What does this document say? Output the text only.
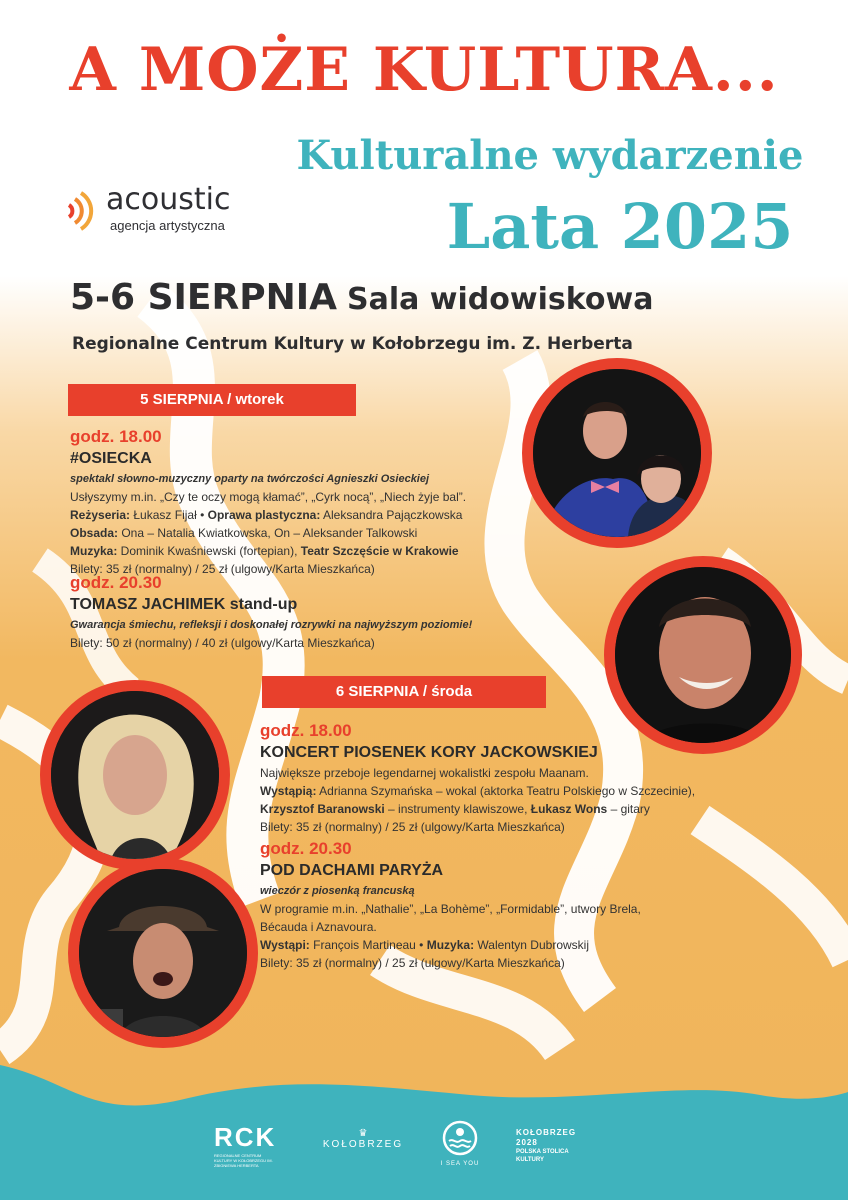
A MOŻE KULTURA...
Kulturalne wydarzenie
Lata 2025
acoustic
agencja artystyczna
5-6 SIERPNIA Sala widowiskowa
Regionalne Centrum Kultury w Kołobrzegu im. Z. Herberta
5 SIERPNIA / wtorek
godz. 18.00
#OSIECKA
spektakl słowno-muzyczny oparty na twórczości Agnieszki Osieckiej
Usłyszymy m.in. „Czy te oczy mogą kłamać”, „Cyrk nocą”, „Niech żyje bal”.
Reżyseria: Łukasz Fijał • Oprawa plastyczna: Aleksandra Pajączkowska
Obsada: Ona – Natalia Kwiatkowska, On – Aleksander Talkowski
Muzyka: Dominik Kwaśniewski (fortepian), Teatr Szczęście w Krakowie
Bilety: 35 zł (normalny) / 25 zł (ulgowy/Karta Mieszkańca)
godz. 20.30
TOMASZ JACHIMEK stand-up
Gwarancja śmiechu, refleksji i doskonałej rozrywki na najwyższym poziomie!
Bilety: 50 zł (normalny) / 40 zł (ulgowy/Karta Mieszkańca)
6 SIERPNIA / środa
godz. 18.00
KONCERT PIOSENEK KORY JACKOWSKIEJ
Największe przeboje legendarnej wokalistki zespołu Maanam.
Wystąpią: Adrianna Szymańska – wokal (aktorka Teatru Polskiego w Szczecinie),
Krzysztof Baranowski – instrumenty klawiszowe, Łukasz Wons – gitary
Bilety: 35 zł (normalny) / 25 zł (ulgowy/Karta Mieszkańca)
godz. 20.30
POD DACHAMI PARYŻA
wieczór z piosenką francuską
W programie m.in. „Nathalie”, „La Bohème”, „Formidable”, utwory Brela,
Bécauda i Aznavoura.
Wystąpi: François Martineau • Muzyka: Walentyn Dubrowskij
Bilety: 35 zł (normalny) / 25 zł (ulgowy/Karta Mieszkańca)
RCK
REGIONALNE CENTRUM KULTURY W KOŁOBRZEGU IM. ZBIGNIEWA HERBERTA
♛
KOŁOBRZEG
I SEA YOU
KOŁOBRZEG 2028
POLSKA STOLICA KULTURY
